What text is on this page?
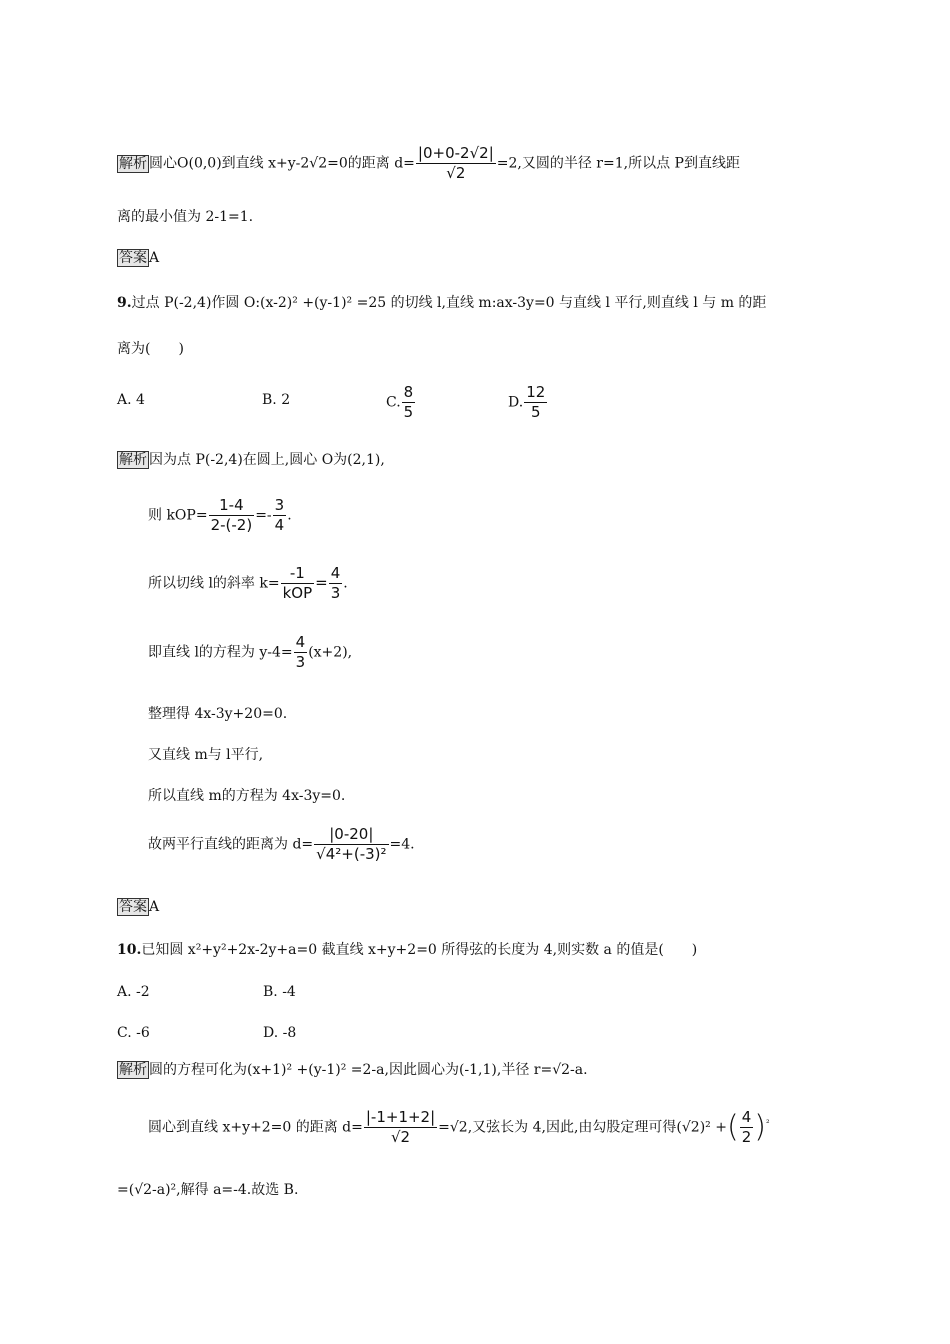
解析 圆心O(0,0)到直线 x+y-2√2=0的距离 $d= \frac{|0+0-2√2|}{√2} =2$,又圆的半径 r=1,所以点 P到直线距
离的最小值为 2-1=1.
答案 A
9.过点 P(-2,4)作圆 O:(x-2)² +(y-1)² =25 的切线 l,直线 m:ax-3y=0 与直线 l 平行,则直线 l 与 m 的距
离为(　　)
A. 4	B. 2	C. $\frac{8}{5}$	D. $\frac{12}{5}$
解析 因为点 P(-2,4)在圆上,圆心 O为(2,1),
则 $kOP= \frac{1-4}{2-(-2)} =- \frac{3}{4}$ .
所以切线 l的斜率 $k= \frac{-1}{\text{kOP}} = \frac{4}{3}$ .
即直线 l的方程为 $y-4= \frac{4}{3} (x+2)$,
整理得 4x-3y+20=0.
又直线 m与 l平行,
所以直线 m的方程为 4x-3y=0.
故两平行直线的距离为 $d= \frac{|0-20|}{\text{√4²+(-3)²}} =4$.
答案 A
10.已知圆 x²+y²+2x-2y+a=0 截直线 x+y+2=0 所得弦的长度为 4,则实数 a 的值是(　　)
A. -2	B. -4
C. -6	D. -8
解析 圆的方程可化为(x+1)² +(y-1)² =2-a,因此圆心为(-1,1),半径 r=√2-a.
圆心到直线 x+y+2=0 的距离 $d= \frac{|-1+1+2|}{√2} =√2$,又弦长为 4,因此,由勾股定理可得(√2)² +( $\frac{4}{2} )^{^2}$
=(√2-a)²,解得 a=-4.故选 B.
